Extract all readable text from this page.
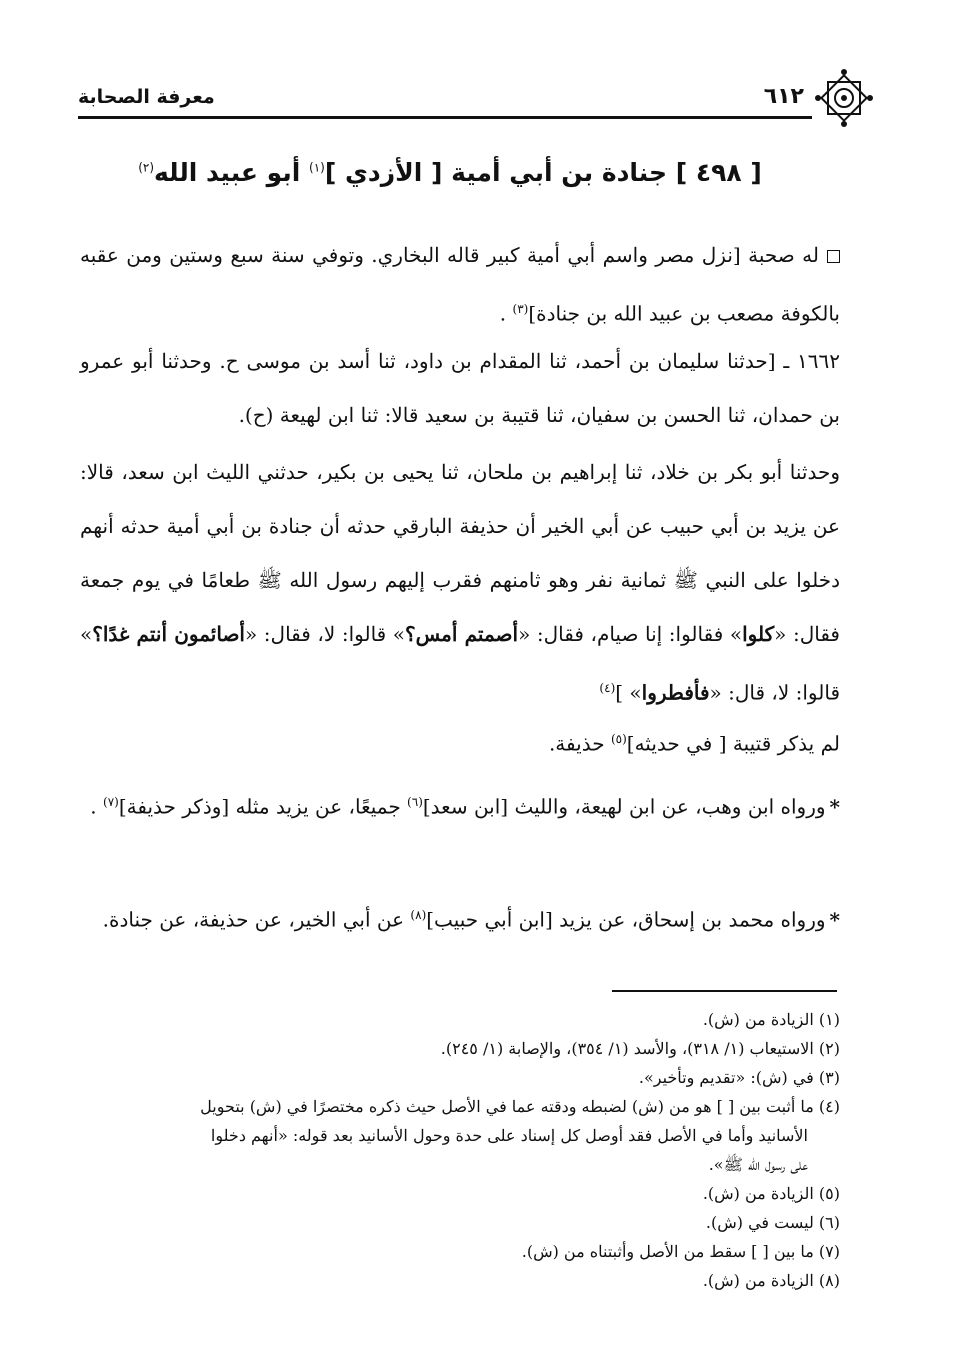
معرفة الصحابة	٦١٢
[ ٤٩٨ ] جنادة بن أبي أمية [ الأزدي ]$^{(١)}$ أبو عبيد الله$^{(٢)}$
له صحبة [نزل مصر واسم أبي أمية كبير قاله البخاري. وتوفي سنة سبع وستين ومن عقبه بالكوفة مصعب بن عبيد الله بن جنادة]$^{(٣)}$ .
١٦٦٢ ـ [حدثنا سليمان بن أحمد، ثنا المقدام بن داود، ثنا أسد بن موسى ح. وحدثنا أبو عمرو بن حمدان، ثنا الحسن بن سفيان، ثنا قتيبة بن سعيد قالا: ثنا ابن لهيعة (ح).
وحدثنا أبو بكر بن خلاد، ثنا إبراهيم بن ملحان، ثنا يحيى بن بكير، حدثني الليث ابن سعد، قالا: عن يزيد بن أبي حبيب عن أبي الخير أن حذيفة البارقي حدثه أن جنادة بن أبي أمية حدثه أنهم دخلوا على النبي ﷺ ثمانية نفر وهو ثامنهم فقرب إليهم رسول الله ﷺ طعامًا في يوم جمعة فقال: «كلوا» فقالوا: إنا صيام، فقال: «أصمتم أمس؟» قالوا: لا، فقال: «أصائمون أنتم غدًا؟» قالوا: لا، قال: «فأفطروا» ]$^{(٤)}$
لم يذكر قتيبة [ في حديثه]$^{(٥)}$ حذيفة.
*ورواه ابن وهب، عن ابن لهيعة، والليث [ابن سعد]$^{(٦)}$ جميعًا، عن يزيد مثله [وذكر حذيفة]$^{(٧)}$ .
*ورواه محمد بن إسحاق، عن يزيد [ابن أبي حبيب]$^{(٨)}$ عن أبي الخير، عن حذيفة، عن جنادة.

(١) الزيادة من (ش).

(٢) الاستيعاب (١/ ٣١٨)، والأسد (١/ ٣٥٤)، والإصابة (١/ ٢٤٥).

(٣) في (ش): «تقديم وتأخير».

(٤) ما أثبت بين [ ] هو من (ش) لضبطه ودقته عما في الأصل حيث ذكره مختصرًا في (ش) بتحويل

الأسانيد وأما في الأصل فقد أوصل كل إسناد على حدة وحول الأسانيد بعد قوله: «أنهم دخلوا

على رسول الله ﷺ».

(٥) الزيادة من (ش).

(٦) ليست في (ش).

(٧) ما بين [ ] سقط من الأصل وأثبتناه من (ش).

(٨) الزيادة من (ش).
